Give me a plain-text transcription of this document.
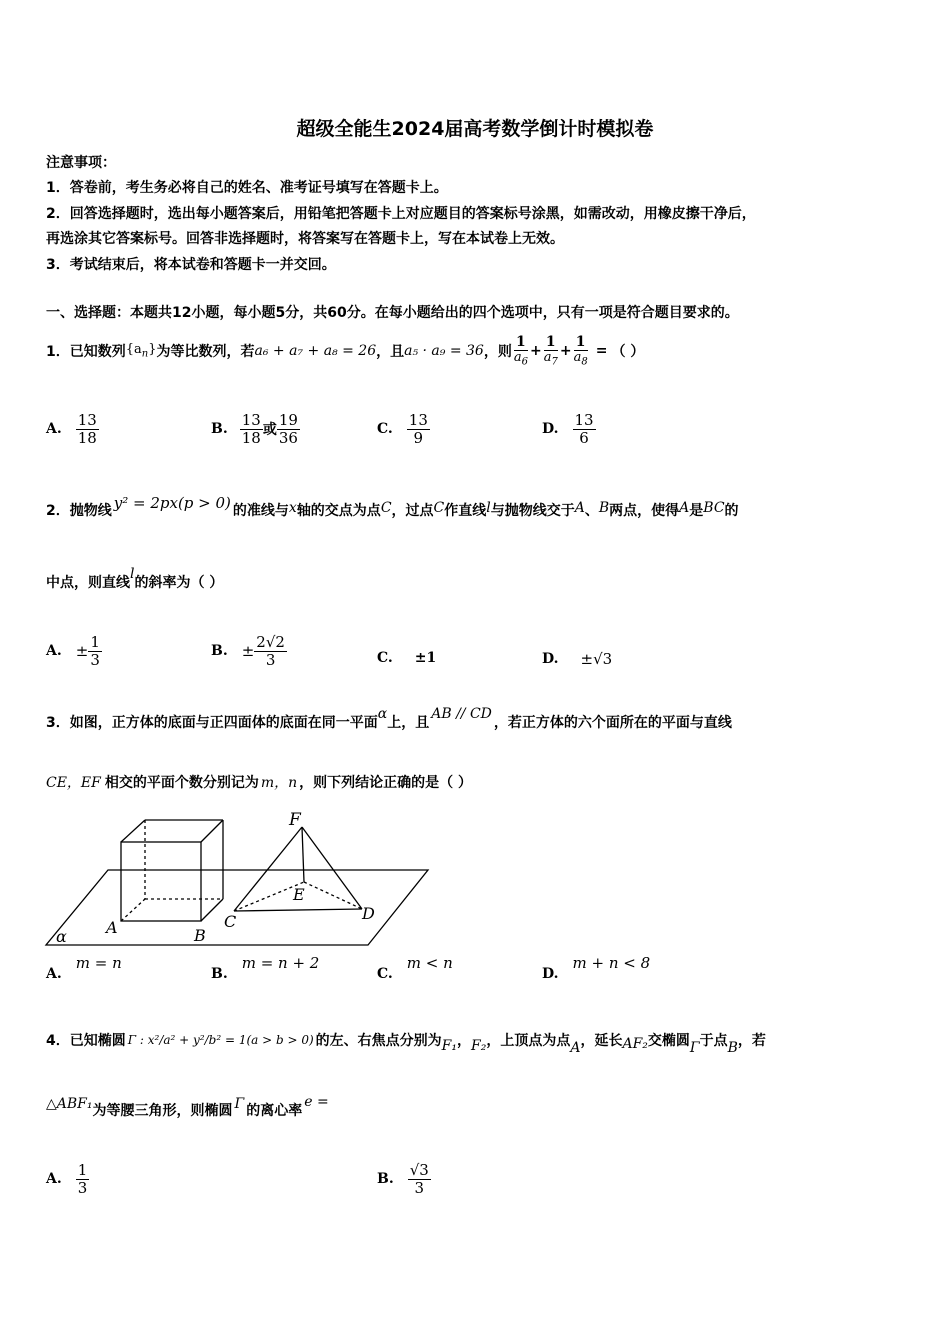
超级全能生2024届高考数学倒计时模拟卷
注意事项：
1．答卷前，考生务必将自己的姓名、准考证号填写在答题卡上。
2．回答选择题时，选出每小题答案后，用铅笔把答题卡上对应题目的答案标号涂黑，如需改动，用橡皮擦干净后，
再选涂其它答案标号。回答非选择题时，将答案写在答题卡上，写在本试卷上无效。
3．考试结束后，将本试卷和答题卡一并交回。
一、选择题：本题共12小题，每小题5分，共60分。在每小题给出的四个选项中，只有一项是符合题目要求的。
1．已知数列 $\{a_n\}$ 为等比数列，若 a₆ + a₇ + a₈ = 26 ，且 a₅ · a₉ = 36 ，则 $\frac{1}{a_6} + \frac{1}{a_7} + \frac{1}{a_8}$ = （ ）
A. $\frac{13}{18}$	B. $\frac{13}{18}$ 或 $\frac{19}{36}$	C. $\frac{13}{9}$	D. $\frac{13}{6}$
2．抛物线 y² = 2px(p > 0) 的准线与 x 轴的交点为点 C ，过点 C 作直线 l 与抛物线交于 A 、 B 两点，使得 A 是 BC 的
中点，则直线
l
的斜率为（ ）
A. ± $\frac{1}{3}$	B. ± $\frac{2√2}{3}$	C. ±1	D. ±√3
3．如图，正方体的底面与正四面体的底面在同一平面
α
上，且
AB // CD
，若正方体的六个面所在的平面与直线
CE，EF 相交的平面个数分别记为 m，n ，则下列结论正确的是（ ）
F
E
A	B
C	D
α
A.
m = n
B.
m = n + 2
C.
m < n
D.
m + n < 8
4．已知椭圆 Γ : x²/a² + y²/b² = 1(a > b > 0) 的左、右焦点分别为 F₁ ， F₂ ，上顶点为点 A ，延长 AF₂ 交椭圆 Γ 于点 B ，若
△ABF₁ 为等腰三角形，则椭圆 Γ 的离心率
e =
A. $\frac{1}{3}$	B. $\frac{√3}{3}$
